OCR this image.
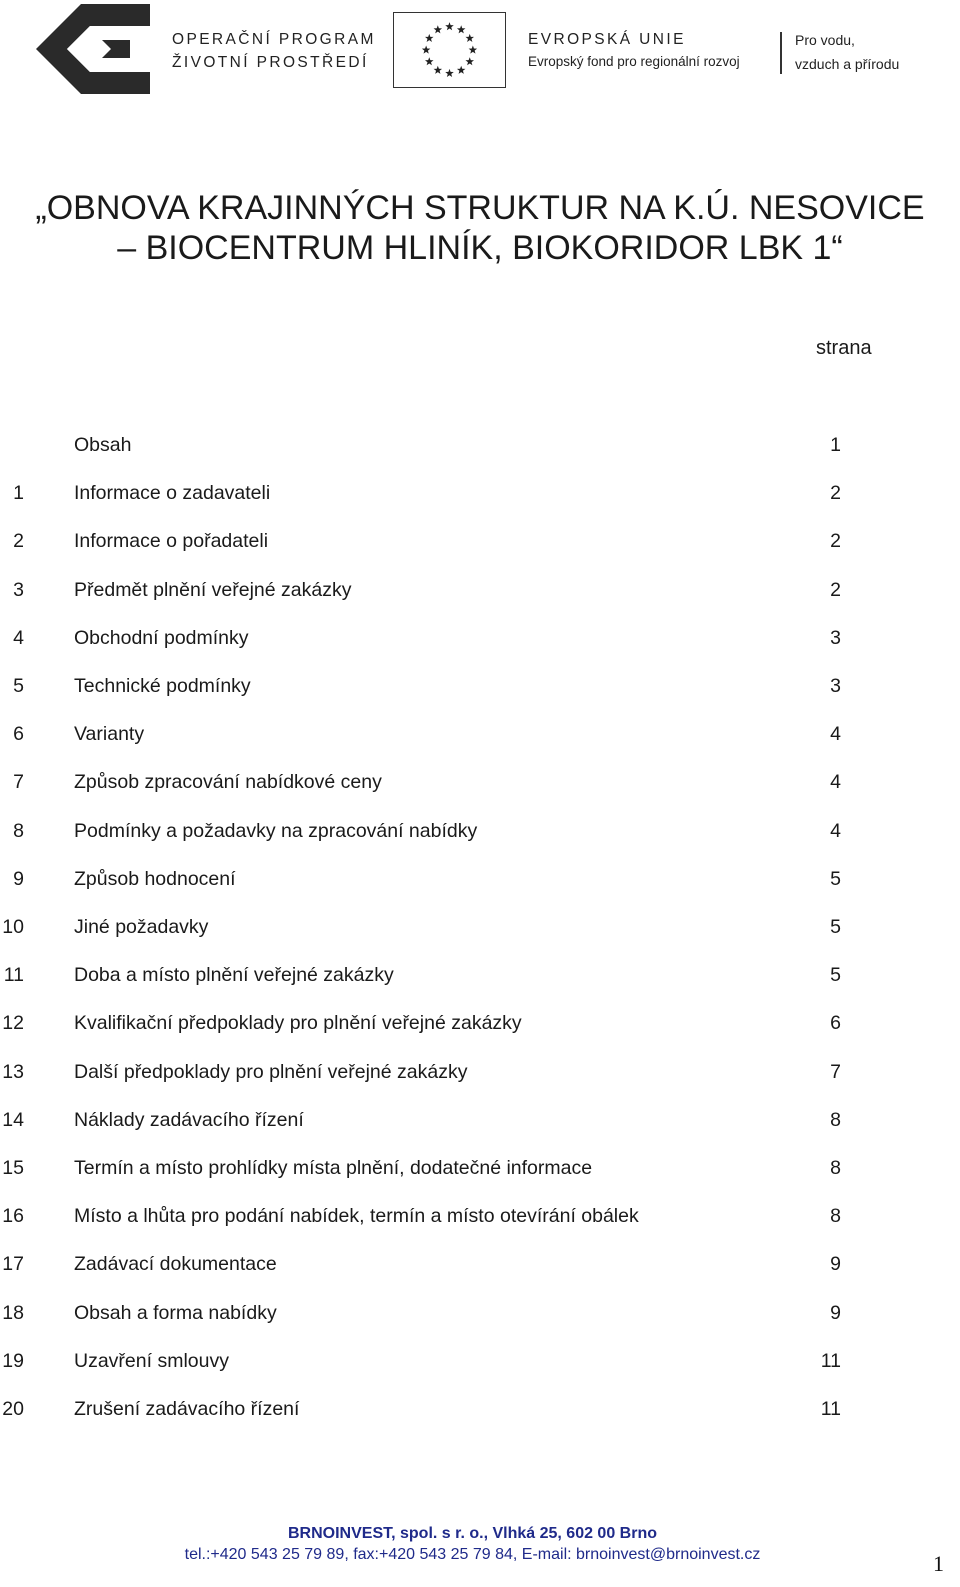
OPERAČNÍ PROGRAM
ŽIVOTNÍ PROSTŘEDÍ
EVROPSKÁ UNIE
Evropský fond pro regionální rozvoj
Pro vodu,
vzduch a přírodu
„OBNOVA KRAJINNÝCH STRUKTUR NA K.Ú. NESOVICE
– BIOCENTRUM HLINÍK, BIOKORIDOR LBK 1“
strana
Obsah	1
1	Informace o zadavateli	2
2	Informace o pořadateli	2
3	Předmět plnění veřejné zakázky	2
4	Obchodní podmínky	3
5	Technické podmínky	3
6	Varianty	4
7	Způsob zpracování nabídkové ceny	4
8	Podmínky a požadavky na zpracování nabídky	4
9	Způsob hodnocení	5
10	Jiné požadavky	5
11	Doba a místo plnění veřejné zakázky	5
12	Kvalifikační předpoklady pro plnění veřejné zakázky	6
13	Další předpoklady pro plnění veřejné zakázky	7
14	Náklady zadávacího řízení	8
15	Termín a místo prohlídky místa plnění, dodatečné informace	8
16	Místo a lhůta pro podání nabídek, termín a místo otevírání obálek	8
17	Zadávací dokumentace	9
18	Obsah a forma nabídky	9
19	Uzavření smlouvy	11
20	Zrušení zadávacího řízení	11
BRNOINVEST, spol. s r. o., Vlhká 25, 602 00 Brno
tel.:+420 543 25 79 89, fax:+420 543 25 79 84, E-mail: brnoinvest@brnoinvest.cz	1
